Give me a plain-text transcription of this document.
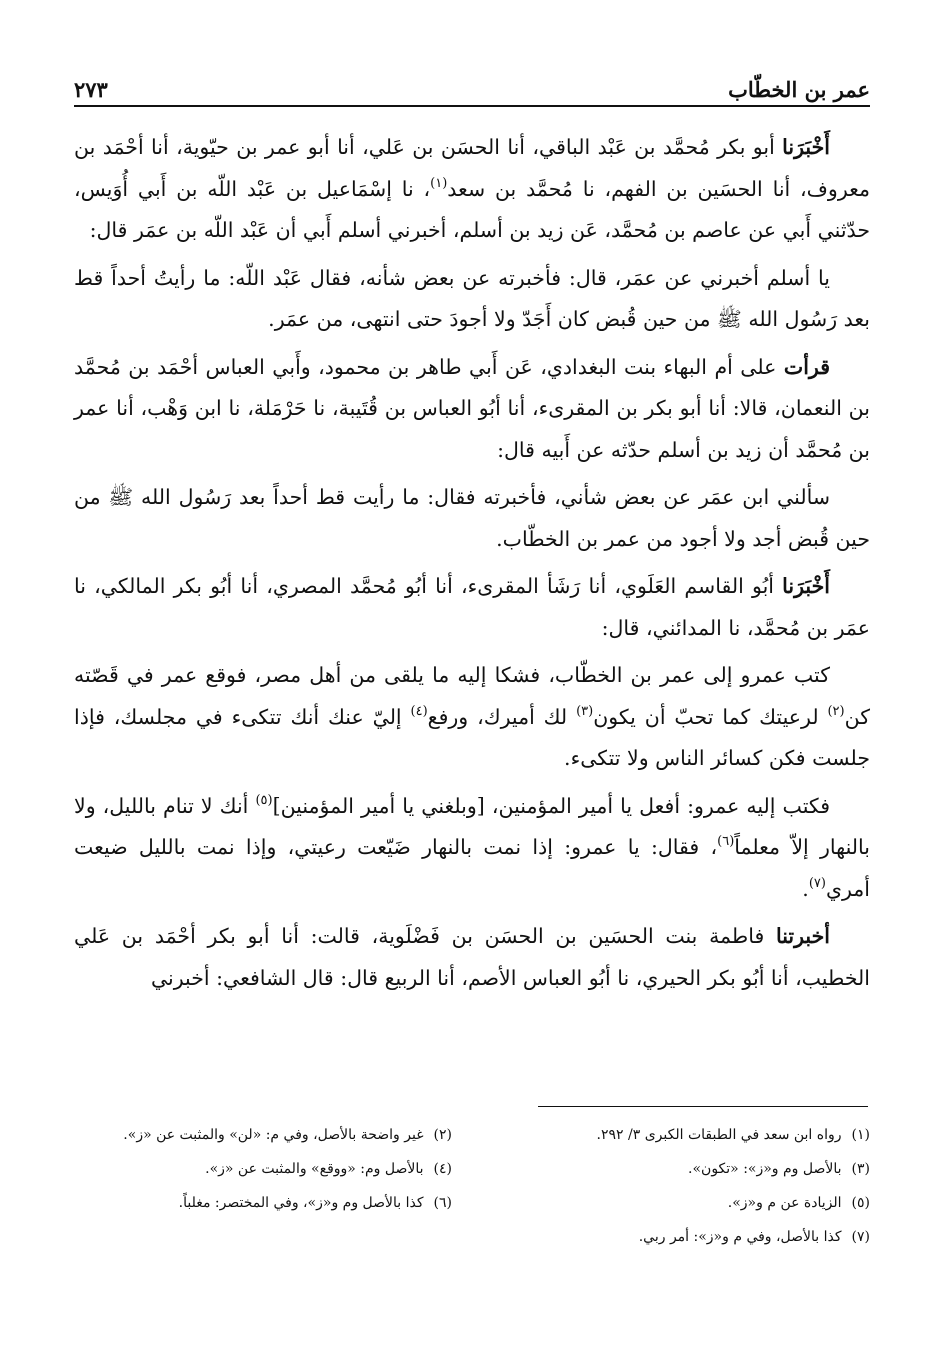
عمر بن الخطّاب
٢٧٣

أَخْبَرَنا أبو بكر مُحمَّد بن عَبْد الباقي، أنا الحسَن بن عَلي، أنا أبو عمر بن حيّوية، أنا أحْمَد بن معروف، أنا الحسَين بن الفهم، نا مُحمَّد بن سعد$^{(١)}$، نا إسْمَاعيل بن عَبْد اللّه بن أَبي أُوَيس، حدّثني أَبي عن عاصم بن مُحمَّد، عَن زيد بن أسلم، أخبرني أسلم أَبي أن عَبْد اللّه بن عمَر قال:

يا أسلم أخبرني عن عمَر، قال: فأخبرته عن بعض شأنه، فقال عَبْد اللّه: ما رأيتُ أحداً قط بعد رَسُول الله ﷺ من حين قُبض كان أَجَدّ ولا أجودَ حتى انتهى، من عمَر.

قرأت على أم البهاء بنت البغدادي، عَن أَبي طاهر بن محمود، وأَبي العباس أحْمَد بن مُحمَّد بن النعمان، قالا: أنا أبو بكر بن المقرىء، أنا أبُو العباس بن قُتَيبة، نا حَرْمَلة، نا ابن وَهْب، أنا عمر بن مُحمَّد أن زيد بن أسلم حدّثه عن أَبيه قال:

سألني ابن عمَر عن بعض شأني، فأخبرته فقال: ما رأيت قط أحداً بعد رَسُول الله ﷺ من حين قُبض أجد ولا أجود من عمر بن الخطّاب.

أَخْبَرَنا أبُو القاسم العَلَوي، أنا رَشَأ المقرىء، أنا أبُو مُحمَّد المصري، أنا أبُو بكر المالكي، نا عمَر بن مُحمَّد، نا المدائني، قال:

كتب عمرو إلى عمر بن الخطّاب، فشكا إليه ما يلقى من أهل مصر، فوقع عمر في قَصّته كن$^{(٢)}$ لرعيتك كما تحبّ أن يكون$^{(٣)}$ لك أميرك، ورفع$^{(٤)}$ إليّ عنك أنك تتكىء في مجلسك، فإذا جلست فكن كسائر الناس ولا تتكىء.

فكتب إليه عمرو: أفعل يا أمير المؤمنين، [وبلغني يا أمير المؤمنين]$^{(٥)}$ أنك لا تنام بالليل، ولا بالنهار إلاّ معلماً$^{(٦)}$، فقال: يا عمرو: إذا نمت بالنهار ضَيّعت رعيتي، وإذا نمت بالليل ضيعت أمري$^{(٧)}$.

أخبرتنا فاطمة بنت الحسَين بن الحسَن بن فَضْلَوية، قالت: أنا أبو بكر أحْمَد بن عَلي الخطيب، أنا أبُو بكر الحيري، نا أبُو العباس الأصم، أنا الربيع قال: قال الشافعي: أخبرني

(١)رواه ابن سعد في الطبقات الكبرى ٣/ ٢٩٢.
(٢)غير واضحة بالأصل، وفي م: «لن» والمثبت عن «ز».
(٣)بالأصل وم و«ز»: «تكون».
(٤)بالأصل وم: «ووقع» والمثبت عن «ز».
(٥)الزيادة عن م و«ز».
(٦)كذا بالأصل وم و«ز»، وفي المختصر: مغلباً.
(٧)كذا بالأصل، وفي م و«ز»: أمر ربي.
